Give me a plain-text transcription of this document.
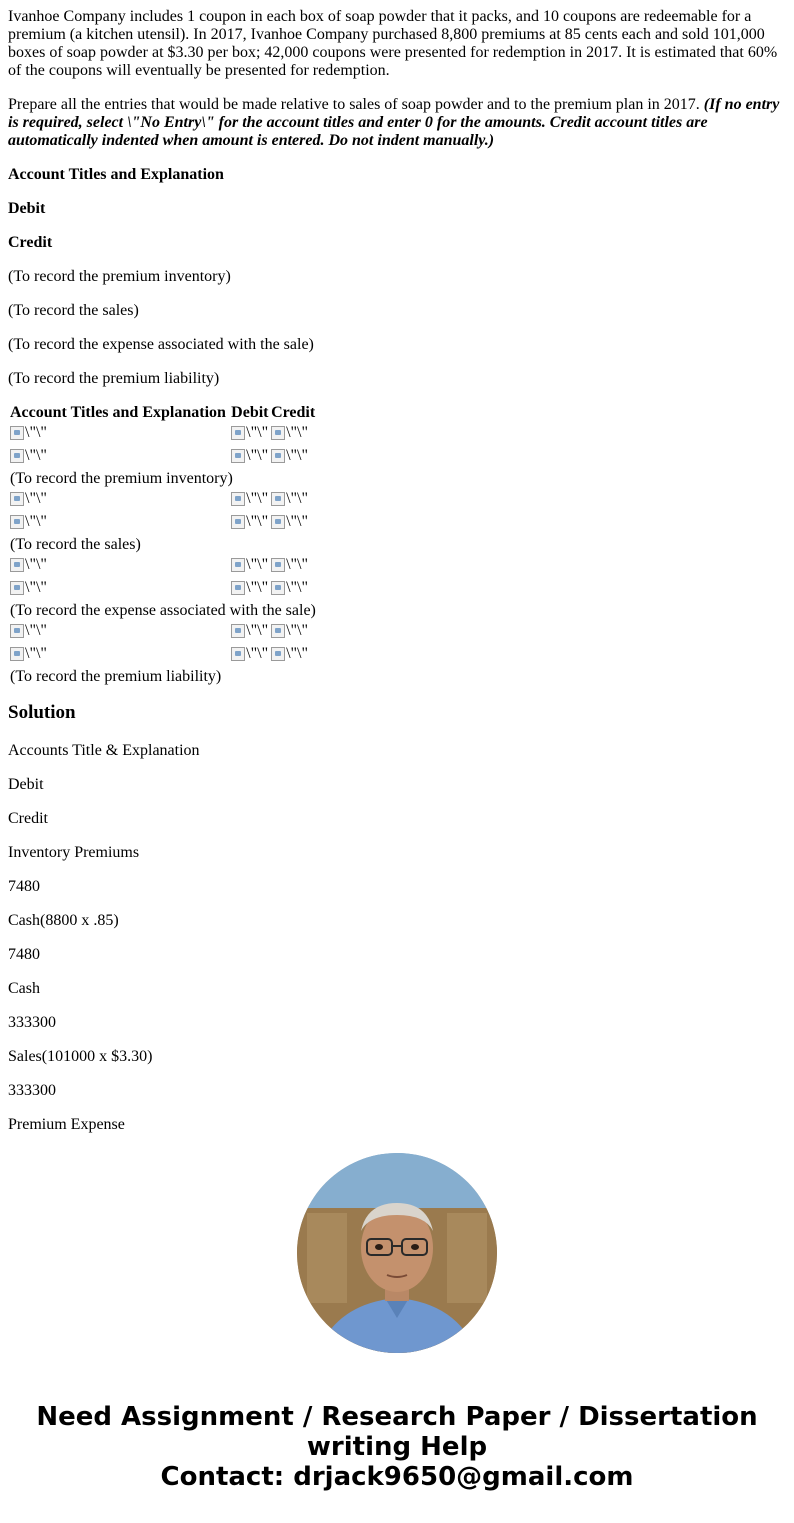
Ivanhoe Company includes 1 coupon in each box of soap powder that it packs, and 10 coupons are redeemable for a premium (a kitchen utensil). In 2017, Ivanhoe Company purchased 8,800 premiums at 85 cents each and sold 101,000 boxes of soap powder at $3.30 per box; 42,000 coupons were presented for redemption in 2017. It is estimated that 60% of the coupons will eventually be presented for redemption.

Prepare all the entries that would be made relative to sales of soap powder and to the premium plan in 2017. (If no entry is required, select \"No Entry\" for the account titles and enter 0 for the amounts. Credit account titles are automatically indented when amount is entered. Do not indent manually.)

Account Titles and Explanation

Debit

Credit

(To record the premium inventory)

(To record the sales)

(To record the expense associated with the sale)

(To record the premium liability)

Account Titles and Explanation	Debit	Credit

\"\"	\"\"	\"\"

\"\"	\"\"	\"\"

(To record the premium inventory)		

\"\"	\"\"	\"\"

\"\"	\"\"	\"\"

(To record the sales)		

\"\"	\"\"	\"\"

\"\"	\"\"	\"\"

(To record the expense associated with the sale)		

\"\"	\"\"	\"\"

\"\"	\"\"	\"\"

(To record the premium liability)		
Solution

Accounts Title & Explanation

Debit

Credit

Inventory Premiums

7480

Cash(8800 x .85)

7480

Cash

333300

Sales(101000 x $3.30)

333300

Premium Expense

Need Assignment / Research Paper / Dissertation
writing Help
Contact: drjack9650@gmail.com
